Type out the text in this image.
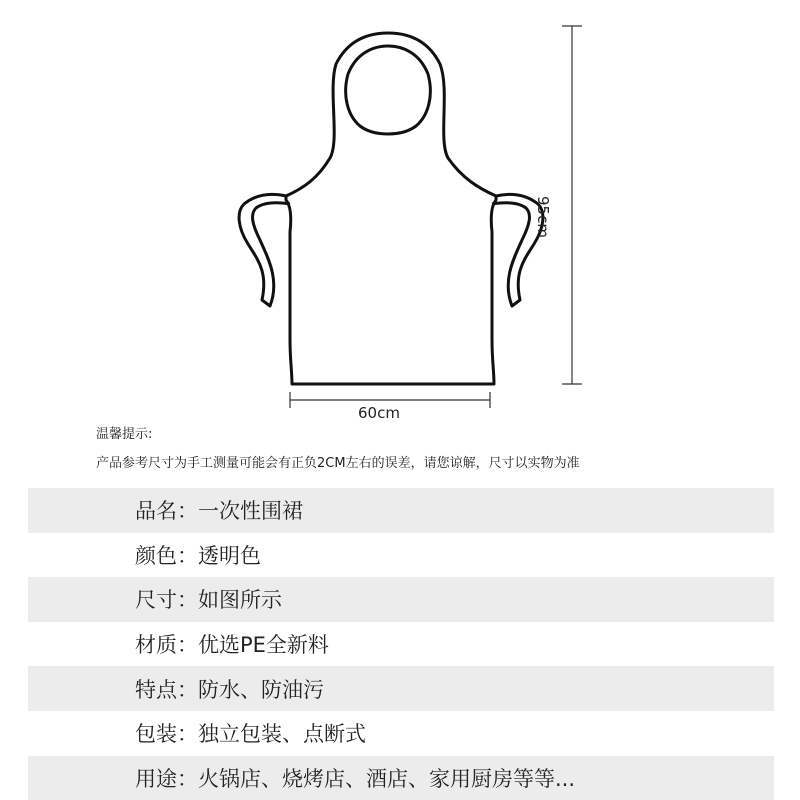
60cm
95cm
温馨提示:
产品参考尺寸为手工测量可能会有正负2CM左右的误差，请您谅解，尺寸以实物为准
品名 ： 一次性围裙
颜色 ： 透明色
尺寸 ： 如图所示
材质 ： 优选PE全新料
特点 ： 防水、防油污
包装 ： 独立包装、点断式
用途 ： 火锅店、烧烤店、酒店、家用厨房等等...
